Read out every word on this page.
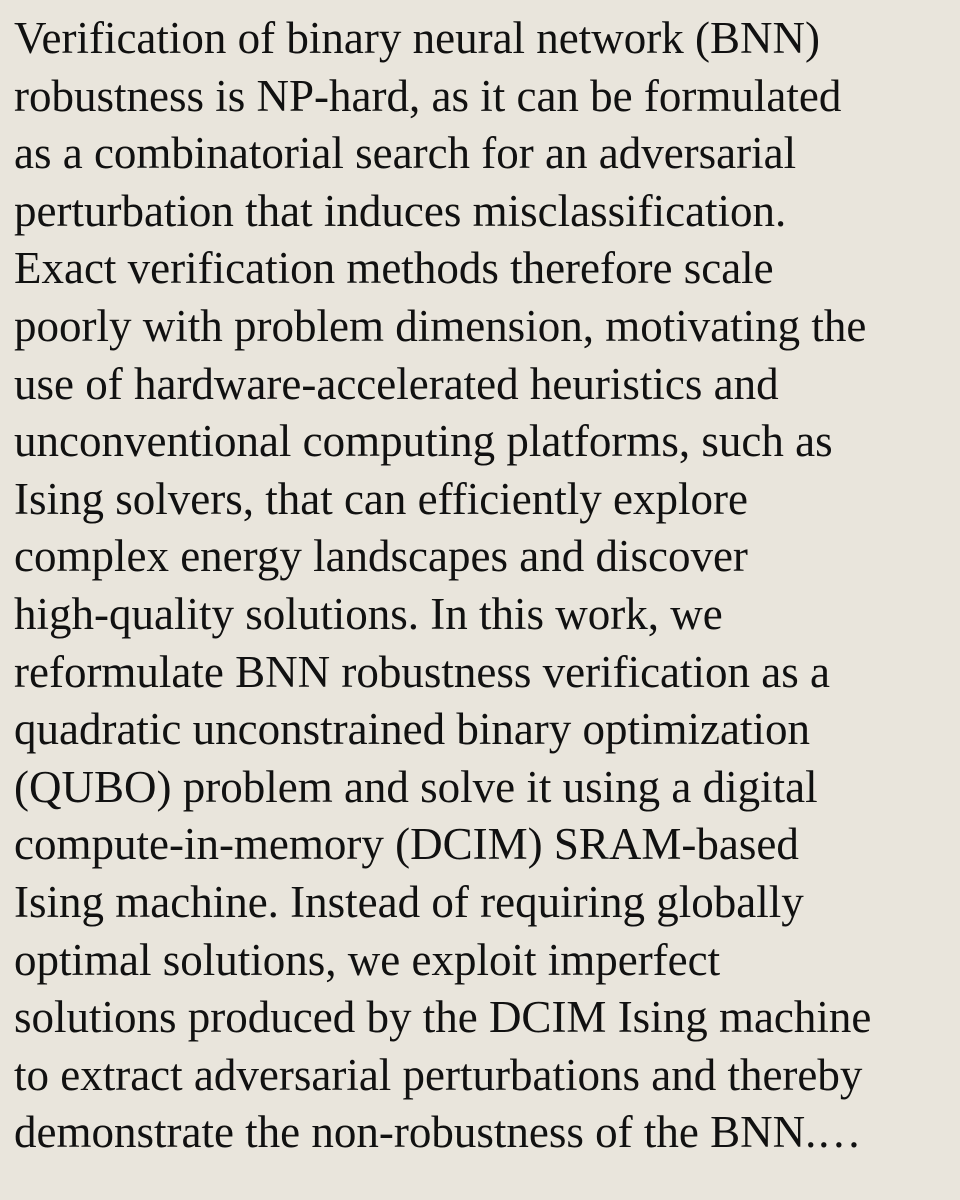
Verification of binary neural network (BNN)
robustness is NP-hard, as it can be formulated
as a combinatorial search for an adversarial
perturbation that induces misclassification.
Exact verification methods therefore scale
poorly with problem dimension, motivating the
use of hardware-accelerated heuristics and
unconventional computing platforms, such as
Ising solvers, that can efficiently explore
complex energy landscapes and discover
high-quality solutions. In this work, we
reformulate BNN robustness verification as a
quadratic unconstrained binary optimization
(QUBO) problem and solve it using a digital
compute-in-memory (DCIM) SRAM-based
Ising machine. Instead of requiring globally
optimal solutions, we exploit imperfect
solutions produced by the DCIM Ising machine
to extract adversarial perturbations and thereby
demonstrate the non-robustness of the BNN.…
